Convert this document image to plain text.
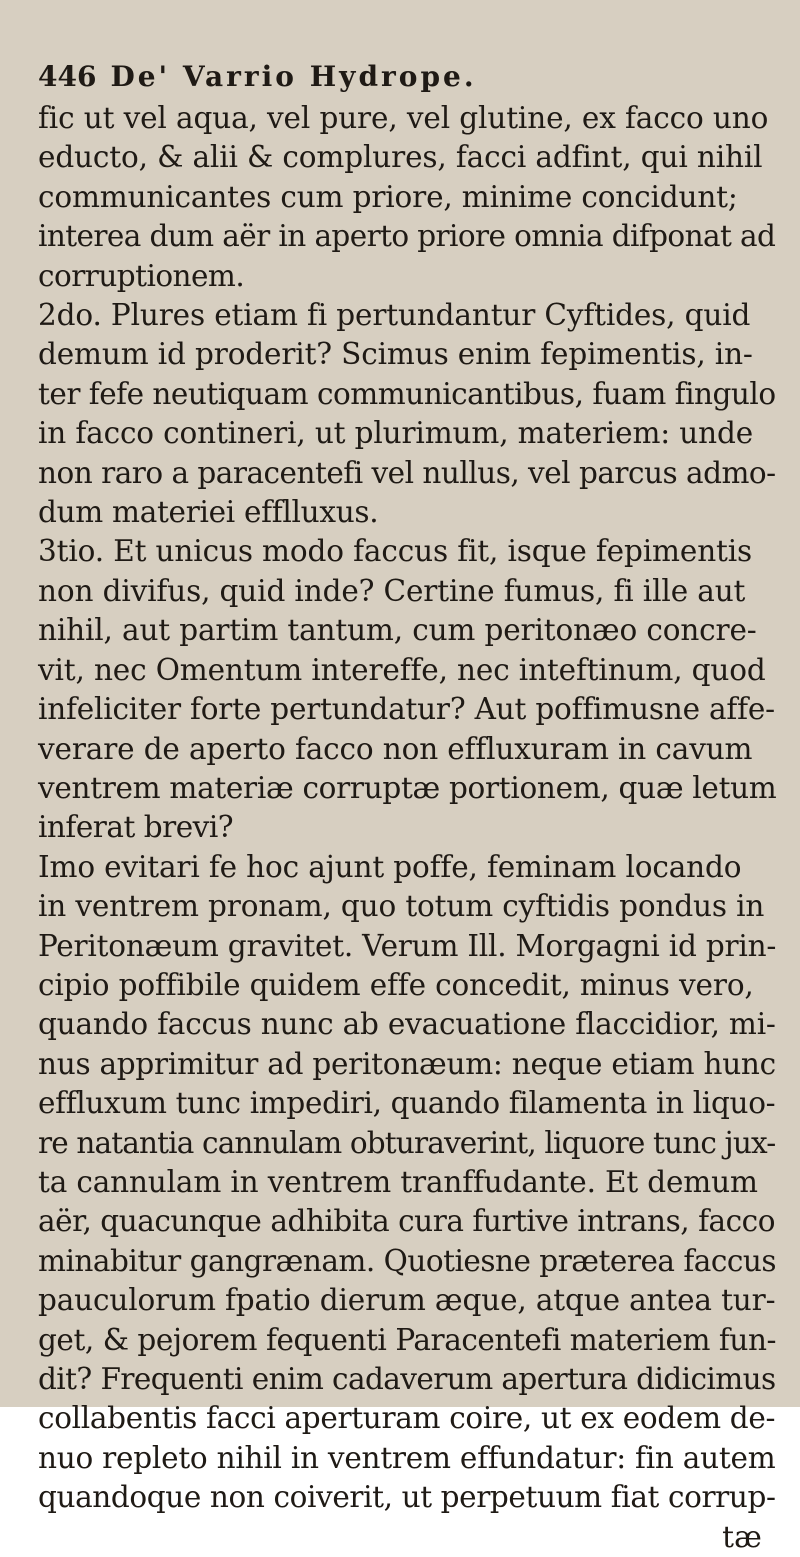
446 De' Varrio Hydrope.
fic ut vel aqua, vel pure, vel glutine, ex facco uno
educto, & alii & complures, facci adfint, qui nihil
communicantes cum priore, minime concidunt;
interea dum aër in aperto priore omnia difponat ad
corruptionem.
2do. Plures etiam fi pertundantur Cyftides, quid
demum id proderit? Scimus enim fepimentis, in-
ter fefe neutiquam communicantibus, fuam fingulo
in facco contineri, ut plurimum, materiem: unde
non raro a paracentefi vel nullus, vel parcus admo-
dum materiei efflluxus.
3tio. Et unicus modo faccus fit, isque fepimentis
non divifus, quid inde? Certine fumus, fi ille aut
nihil, aut partim tantum, cum peritonæo concre-
vit, nec Omentum intereffe, nec inteftinum, quod
infeliciter forte pertundatur? Aut poffimusne affe-
verare de aperto facco non effluxuram in cavum
ventrem materiæ corruptæ portionem, quæ letum
inferat brevi?
Imo evitari fe hoc ajunt poffe, feminam locando
in ventrem pronam, quo totum cyftidis pondus in
Peritonæum gravitet. Verum Ill. Morgagni id prin-
cipio poffibile quidem effe concedit, minus vero,
quando faccus nunc ab evacuatione flaccidior, mi-
nus apprimitur ad peritonæum: neque etiam hunc
effluxum tunc impediri, quando filamenta in liquo-
re natantia cannulam obturaverint, liquore tunc jux-
ta cannulam in ventrem tranffudante. Et demum
aër, quacunque adhibita cura furtive intrans, facco
minabitur gangrænam. Quotiesne præterea faccus
pauculorum fpatio dierum æque, atque antea tur-
get, & pejorem fequenti Paracentefi materiem fun-
dit? Frequenti enim cadaverum apertura didicimus
collabentis facci aperturam coire, ut ex eodem de-
nuo repleto nihil in ventrem effundatur: fin autem
quandoque non coiverit, ut perpetuum fiat corrup-
tæ
